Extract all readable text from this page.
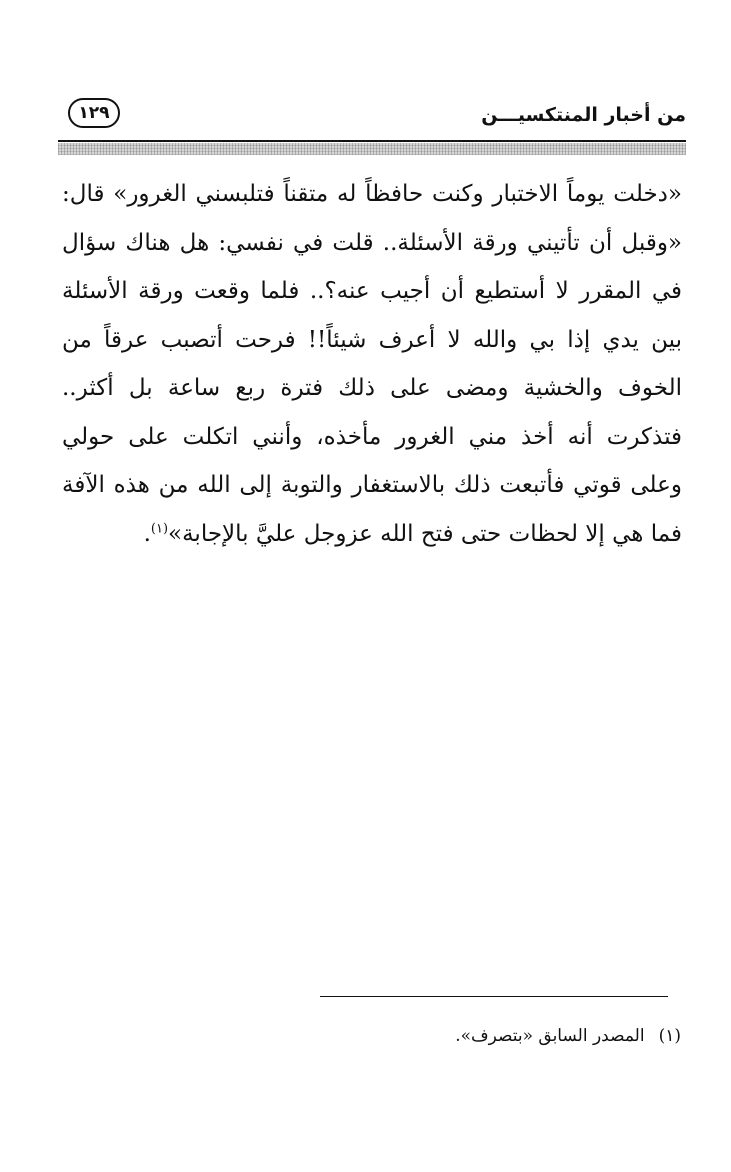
من أخبار المنتكسيـــن
١٢٩
«دخلت يوماً الاختبار وكنت حافظاً له متقناً فتلبسني الغرور» قال:
«وقبل أن تأتيني ورقة الأسئلة.. قلت في نفسي: هل هناك سؤال
في المقرر لا أستطيع أن أجيب عنه؟.. فلما وقعت ورقة الأسئلة
بين يدي إذا بي والله لا أعرف شيئاً!! فرحت أتصبب عرقاً من
الخوف والخشية ومضى على ذلك فترة ربع ساعة بل أكثر..
فتذكرت أنه أخذ مني الغرور مأخذه، وأنني اتكلت على حولي
وعلى قوتي فأتبعت ذلك بالاستغفار والتوبة إلى الله من هذه الآفة
فما هي إلا لحظات حتى فتح الله عزوجل عليَّ بالإجابة»$^{(١)}$.
(١)المصدر السابق «بتصرف».
